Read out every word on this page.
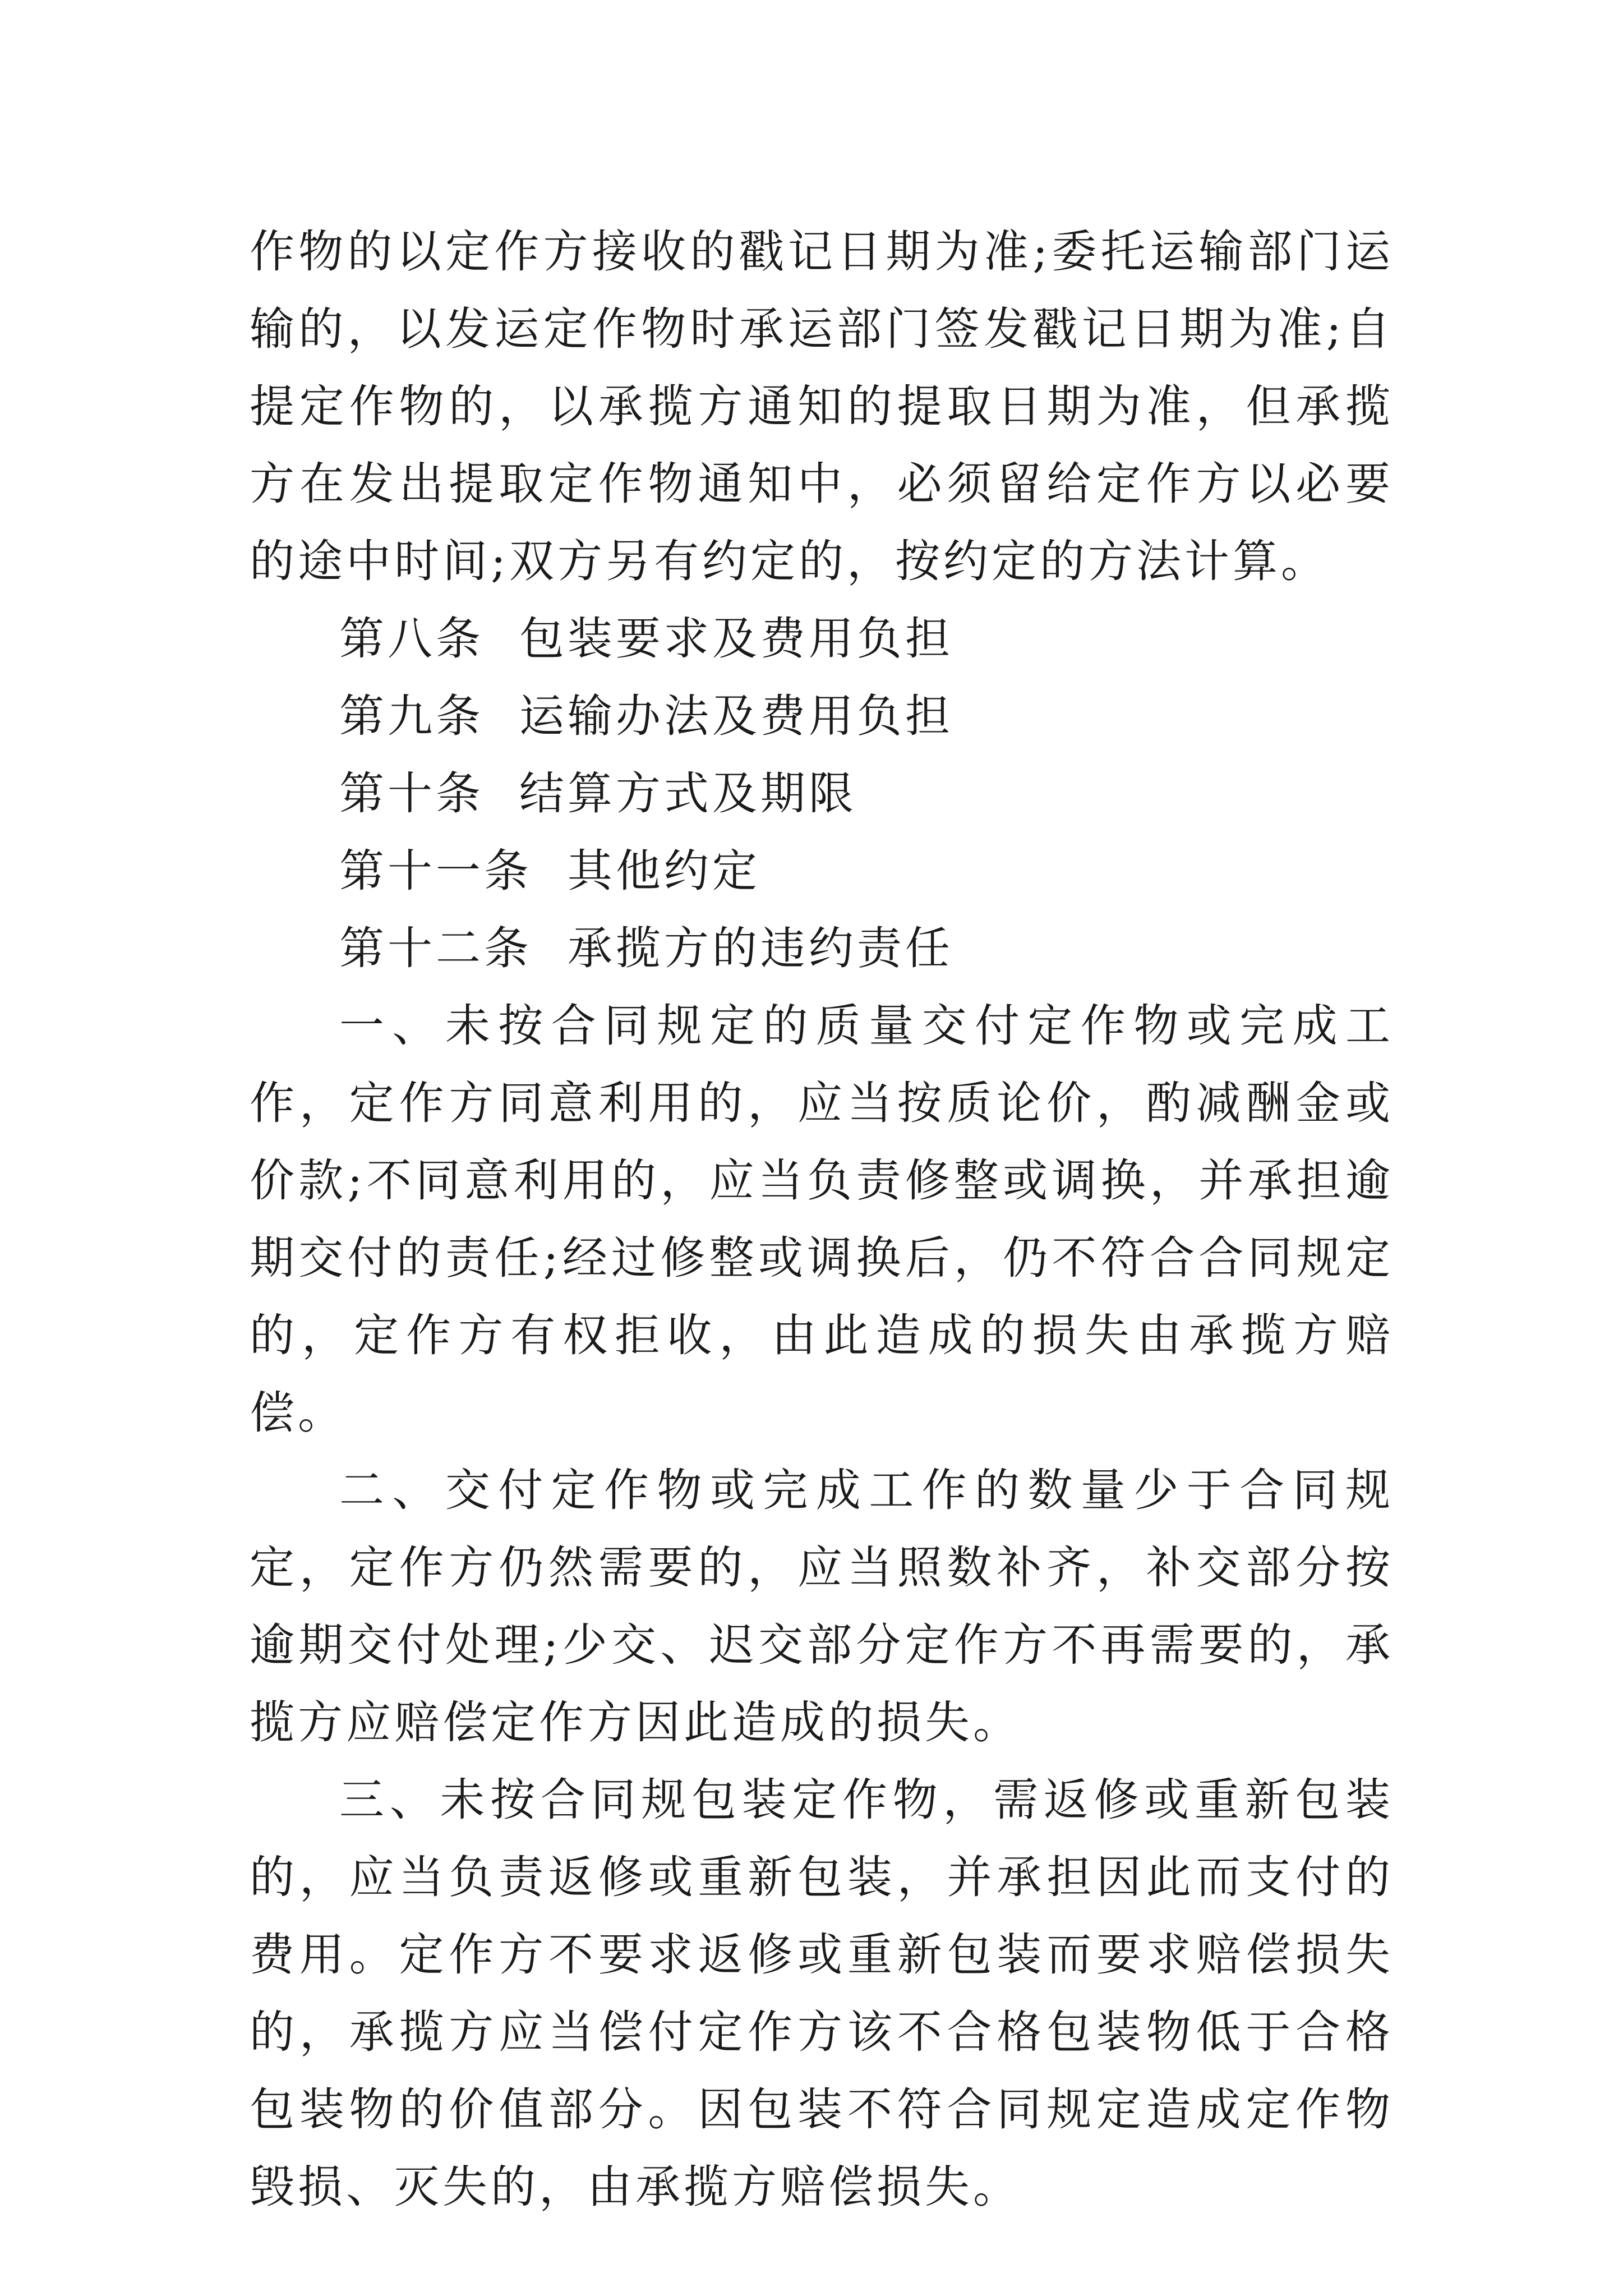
作物的以定作方接收的戳记日期为准;委托运输部门运输的，以发运定作物时承运部门签发戳记日期为准;自提定作物的，以承揽方通知的提取日期为准，但承揽方在发出提取定作物通知中，必须留给定作方以必要的途中时间;双方另有约定的，按约定的方法计算。

第八条  包装要求及费用负担

第九条  运输办法及费用负担

第十条  结算方式及期限

第十一条  其他约定

第十二条  承揽方的违约责任

一、未按合同规定的质量交付定作物或完成工作，定作方同意利用的，应当按质论价，酌减酬金或价款;不同意利用的，应当负责修整或调换，并承担逾期交付的责任;经过修整或调换后，仍不符合合同规定的，定作方有权拒收，由此造成的损失由承揽方赔偿。

二、交付定作物或完成工作的数量少于合同规定，定作方仍然需要的，应当照数补齐，补交部分按逾期交付处理;少交、迟交部分定作方不再需要的，承揽方应赔偿定作方因此造成的损失。

三、未按合同规包装定作物，需返修或重新包装的，应当负责返修或重新包装，并承担因此而支付的费用。定作方不要求返修或重新包装而要求赔偿损失的，承揽方应当偿付定作方该不合格包装物低于合格包装物的价值部分。因包装不符合同规定造成定作物毁损、灭失的，由承揽方赔偿损失。
